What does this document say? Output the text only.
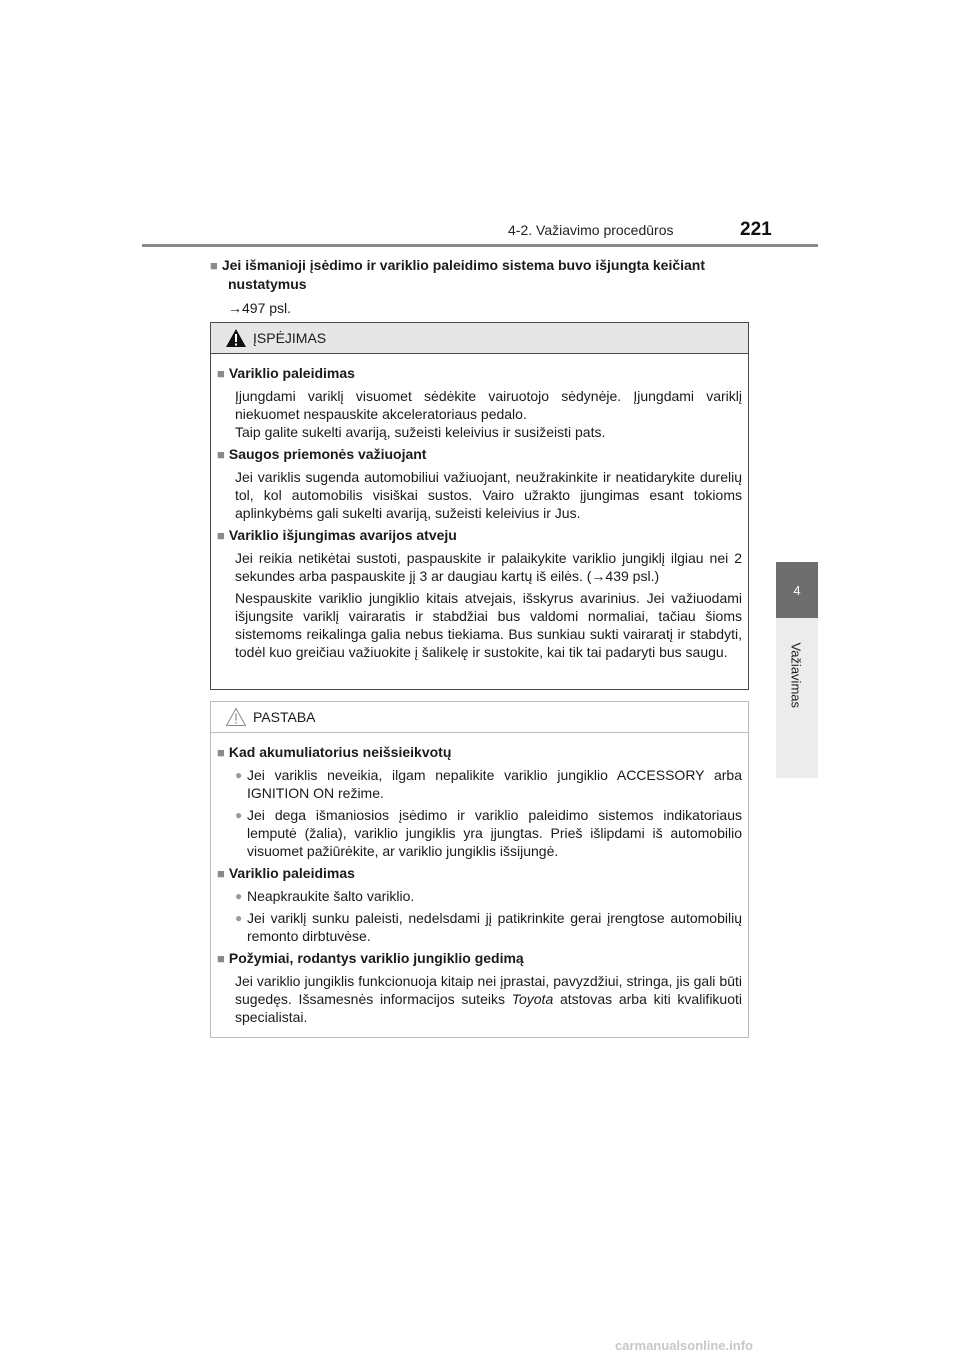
4-2. Važiavimo procedūros	221
4
Važiavimas
■ Jei išmanioji įsėdimo ir variklio paleidimo sistema buvo išjungta keičiant
nustatymus
→497 psl.
ĮSPĖJIMAS
■ Variklio paleidimas
Įjungdami variklį visuomet sėdėkite vairuotojo sėdynėje. Įjungdami variklį niekuomet nespauskite akceleratoriaus pedalo.
Taip galite sukelti avariją, sužeisti keleivius ir susižeisti pats.
■ Saugos priemonės važiuojant
Jei variklis sugenda automobiliui važiuojant, neužrakinkite ir neatidarykite durelių tol, kol automobilis visiškai sustos. Vairo užrakto įjungimas esant tokioms aplinkybėms gali sukelti avariją, sužeisti keleivius ir Jus.
■ Variklio išjungimas avarijos atveju
Jei reikia netikėtai sustoti, paspauskite ir palaikykite variklio jungiklį ilgiau nei 2 sekundes arba paspauskite jį 3 ar daugiau kartų iš eilės. (→439 psl.)
Nespauskite variklio jungiklio kitais atvejais, išskyrus avarinius. Jei važiuodami išjungsite variklį vairaratis ir stabdžiai bus valdomi normaliai, tačiau šioms sistemoms reikalinga galia nebus tiekiama. Bus sunkiau sukti vairaratį ir stabdyti, todėl kuo greičiau važiuokite į šalikelę ir sustokite, kai tik tai padaryti bus saugu.
PASTABA
■ Kad akumuliatorius neišsieikvotų
● Jei variklis neveikia, ilgam nepalikite variklio jungiklio ACCESSORY arba IGNITION ON režime.
● Jei dega išmaniosios įsėdimo ir variklio paleidimo sistemos indikatoriaus lemputė (žalia), variklio jungiklis yra įjungtas. Prieš išlipdami iš automobilio visuomet pažiūrėkite, ar variklio jungiklis išsijungė.
■ Variklio paleidimas
● Neapkraukite šalto variklio.
● Jei variklį sunku paleisti, nedelsdami jį patikrinkite gerai įrengtose automobilių remonto dirbtuvėse.
■ Požymiai, rodantys variklio jungiklio gedimą
Jei variklio jungiklis funkcionuoja kitaip nei įprastai, pavyzdžiui, stringa, jis gali būti sugedęs. Išsamesnės informacijos suteiks Toyota atstovas arba kiti kvalifikuoti specialistai.
carmanualsonline.info
